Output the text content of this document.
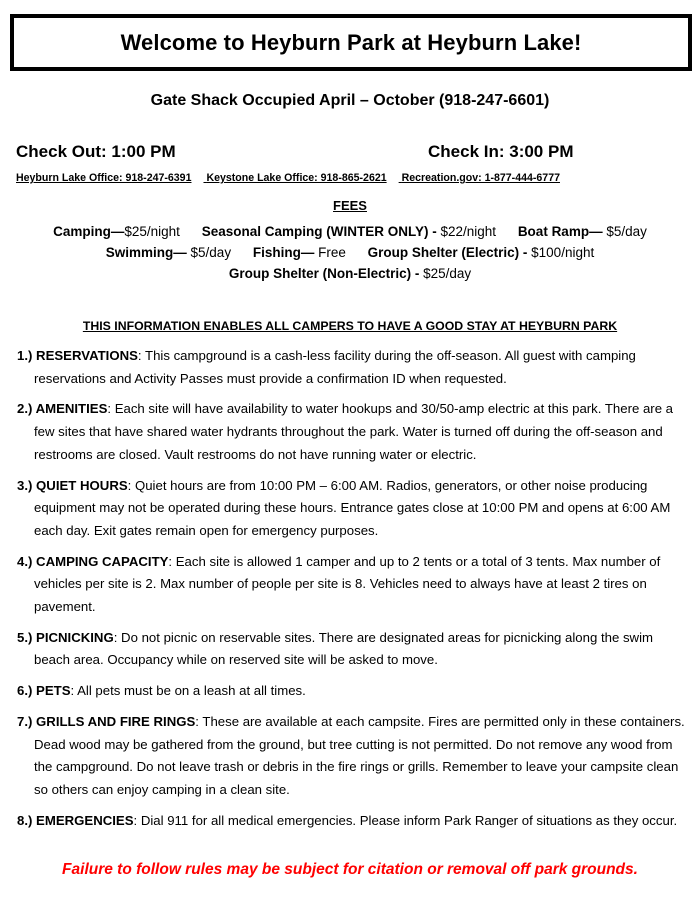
Welcome to Heyburn Park at Heyburn Lake!
Gate Shack Occupied April – October (918-247-6601)
Check Out: 1:00 PM	Check In: 3:00 PM
Heyburn Lake Office: 918-247-6391 Keystone Lake Office: 918-865-2621 Recreation.gov: 1-877-444-6777
FEES
Camping—$25/night Seasonal Camping (WINTER ONLY) - $22/night Boat Ramp— $5/day
Swimming— $5/day Fishing— Free Group Shelter (Electric) - $100/night
Group Shelter (Non-Electric) - $25/day
THIS INFORMATION ENABLES ALL CAMPERS TO HAVE A GOOD STAY AT HEYBURN PARK
1.) RESERVATIONS: This campground is a cash-less facility during the off-season. All guest with camping reservations and Activity Passes must provide a confirmation ID when requested.
2.) AMENITIES: Each site will have availability to water hookups and 30/50-amp electric at this park. There are a few sites that have shared water hydrants throughout the park. Water is turned off during the off-season and restrooms are closed. Vault restrooms do not have running water or electric.
3.) QUIET HOURS: Quiet hours are from 10:00 PM – 6:00 AM. Radios, generators, or other noise producing equipment may not be operated during these hours. Entrance gates close at 10:00 PM and opens at 6:00 AM each day. Exit gates remain open for emergency purposes.
4.) CAMPING CAPACITY: Each site is allowed 1 camper and up to 2 tents or a total of 3 tents. Max number of vehicles per site is 2. Max number of people per site is 8. Vehicles need to always have at least 2 tires on pavement.
5.) PICNICKING: Do not picnic on reservable sites. There are designated areas for picnicking along the swim beach area. Occupancy while on reserved site will be asked to move.
6.) PETS: All pets must be on a leash at all times.
7.) GRILLS AND FIRE RINGS: These are available at each campsite. Fires are permitted only in these containers. Dead wood may be gathered from the ground, but tree cutting is not permitted. Do not remove any wood from the campground. Do not leave trash or debris in the fire rings or grills. Remember to leave your campsite clean so others can enjoy camping in a clean site.
8.) EMERGENCIES: Dial 911 for all medical emergencies. Please inform Park Ranger of situations as they occur.
Failure to follow rules may be subject for citation or removal off park grounds.
